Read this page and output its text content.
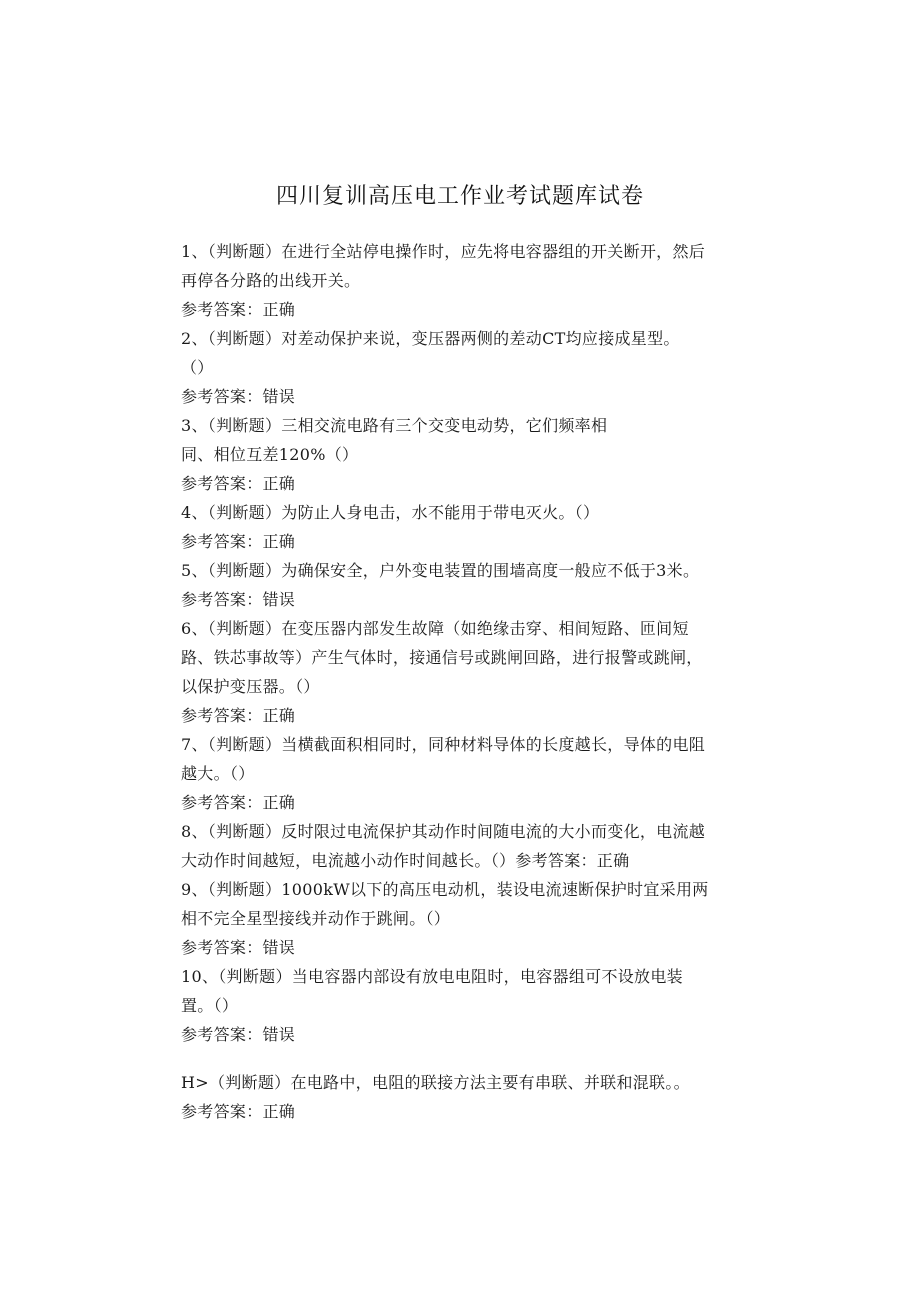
四川复训高压电工作业考试题库试卷
1、（判断题）在进行全站停电操作时，应先将电容器组的开关断开，然后
再停各分路的出线开关。
参考答案：正确
2、（判断题）对差动保护来说，变压器两侧的差动CT均应接成星型。
（）
参考答案：错误
3、（判断题）三相交流电路有三个交变电动势，它们频率相
同、相位互差120%（）
参考答案：正确
4、（判断题）为防止人身电击，水不能用于带电灭火。（）
参考答案：正确
5、（判断题）为确保安全，户外变电装置的围墙高度一般应不低于3米。
参考答案：错误
6、（判断题）在变压器内部发生故障（如绝缘击穿、相间短路、匝间短
路、铁芯事故等）产生气体时，接通信号或跳闸回路，进行报警或跳闸，
以保护变压器。（）
参考答案：正确
7、（判断题）当横截面积相同时，同种材料导体的长度越长，导体的电阻
越大。（）
参考答案：正确
8、（判断题）反时限过电流保护其动作时间随电流的大小而变化，电流越
大动作时间越短，电流越小动作时间越长。（）参考答案：正确
9、（判断题）1000kW以下的高压电动机，装设电流速断保护时宜采用两
相不完全星型接线并动作于跳闸。（）
参考答案：错误
10、（判断题）当电容器内部设有放电电阻时，电容器组可不设放电装
置。（）
参考答案：错误
H>（判断题）在电路中，电阻的联接方法主要有串联、并联和混联。。
参考答案：正确
